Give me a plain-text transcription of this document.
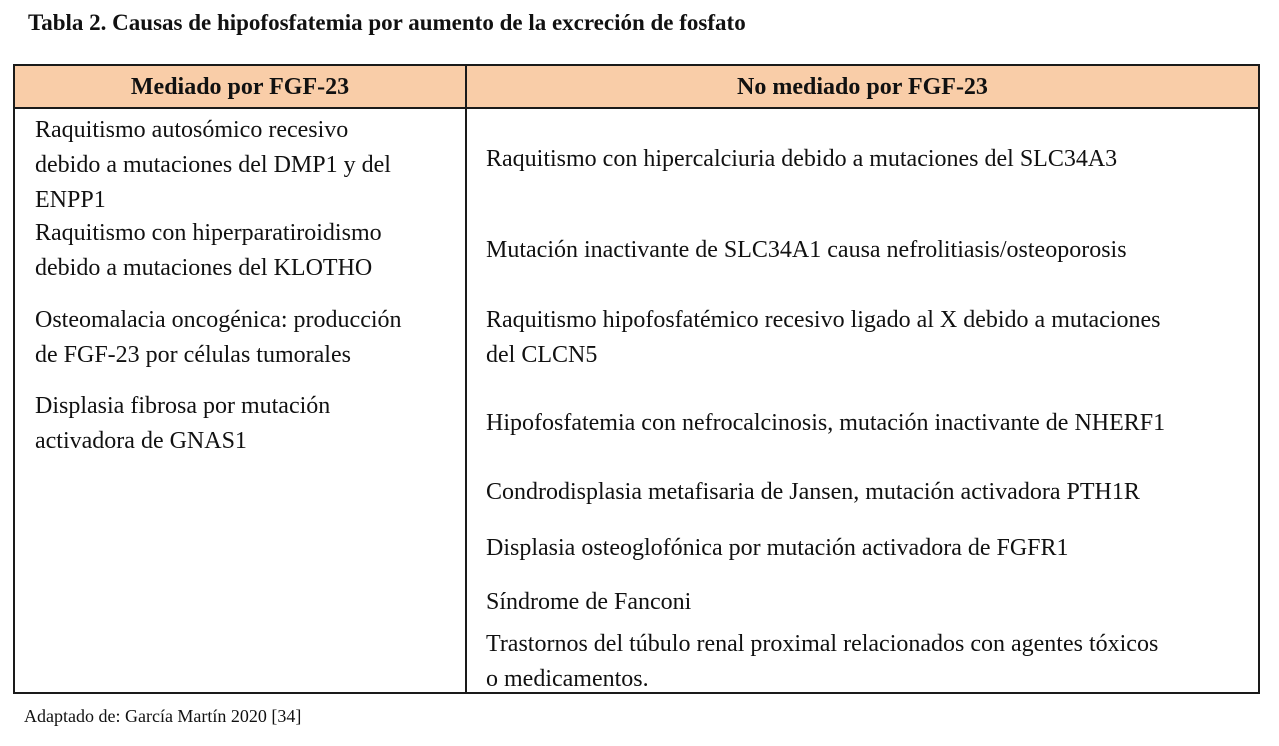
Tabla 2. Causas de hipofosfatemia por aumento de la excreción de fosfato
Mediado por FGF-23	No mediado por FGF-23
Raquitismo autosómico recesivo
debido a mutaciones del DMP1 y del
ENPP1
Raquitismo con hiperparatiroidismo
debido a mutaciones del KLOTHO
Osteomalacia oncogénica: producción
de FGF-23 por células tumorales
Displasia fibrosa por mutación
activadora de GNAS1
Raquitismo con hipercalciuria debido a mutaciones del SLC34A3
Mutación inactivante de SLC34A1 causa nefrolitiasis/osteoporosis
Raquitismo hipofosfatémico recesivo ligado al X debido a mutaciones
del CLCN5
Hipofosfatemia con nefrocalcinosis, mutación inactivante de NHERF1
Condrodisplasia metafisaria de Jansen, mutación activadora PTH1R
Displasia osteoglofónica por mutación activadora de FGFR1
Síndrome de Fanconi
Trastornos del túbulo renal proximal relacionados con agentes tóxicos
o medicamentos.
Adaptado de: García Martín 2020 [34]
